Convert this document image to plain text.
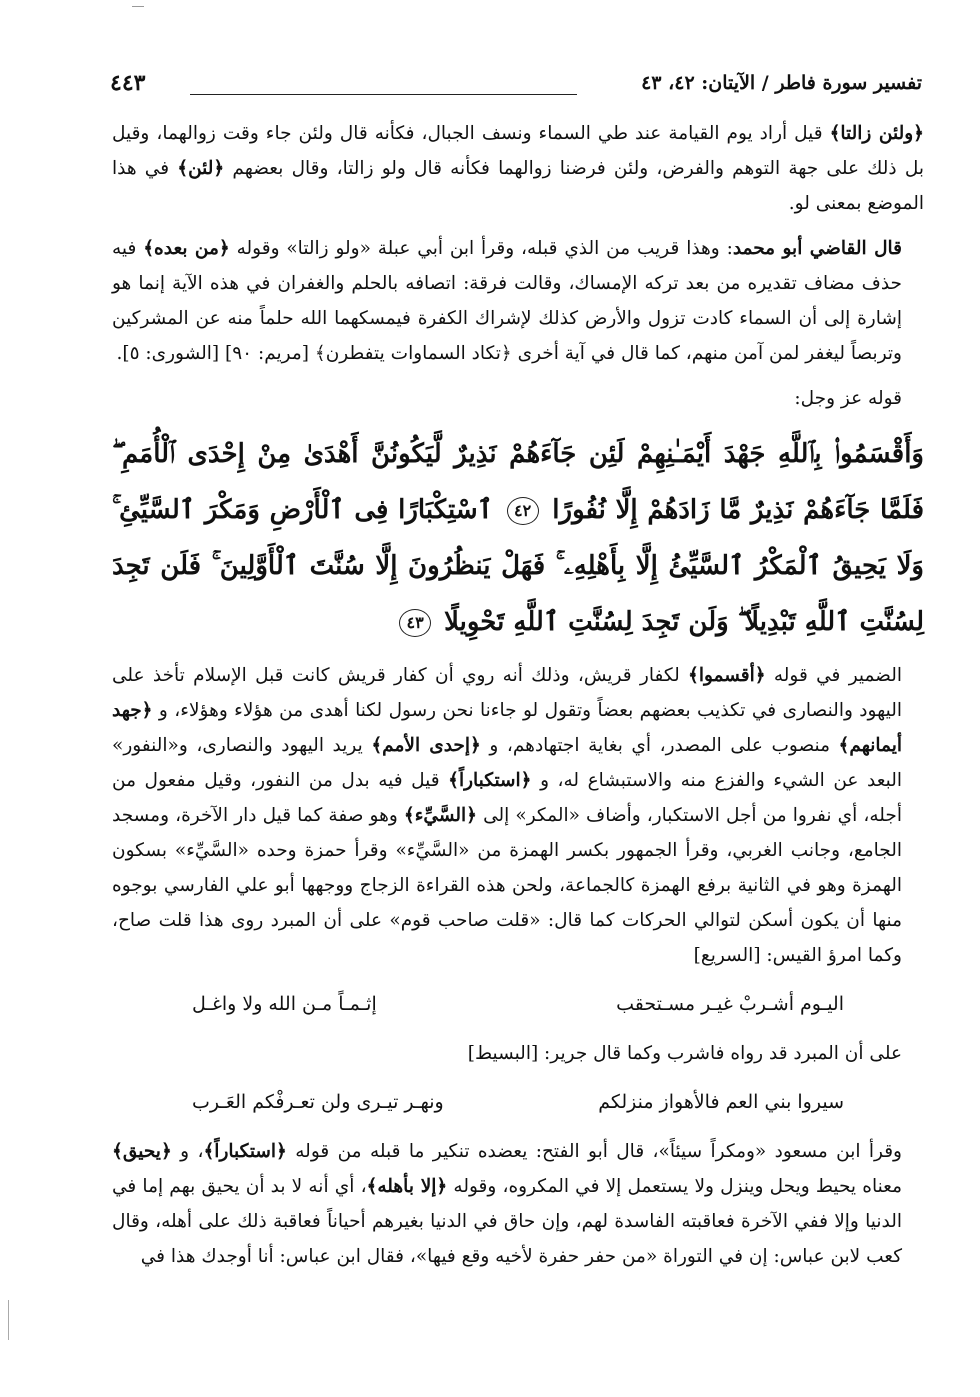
تفسير سورة فاطر / الآيتان: ٤٢، ٤٣
٤٤٣

﴿ولئن زالتا﴾ قيل أراد يوم القيامة عند طي السماء ونسف الجبال، فكأنه قال ولئن جاء وقت زوالهما، وقيل بل ذلك على جهة التوهم والفرض، ولئن فرضنا زوالهما فكأنه قال ولو زالتا، وقال بعضهم ﴿لئن﴾ في هذا الموضع بمعنى لو.

قال القاضي أبو محمد: وهذا قريب من الذي قبله، وقرأ ابن أبي عبلة «ولو زالتا» وقوله ﴿من بعده﴾ فيه حذف مضاف تقديره من بعد تركه الإمساك، وقالت فرقة: اتصافه بالحلم والغفران في هذه الآية إنما هو إشارة إلى أن السماء كادت تزول والأرض كذلك لإشراك الكفرة فيمسكهما الله حلماً منه عن المشركين وتربصاً ليغفر لمن آمن منهم، كما قال في آية أخرى ﴿تكاد السماوات يتفطرن﴾ [مريم: ٩٠] [الشورى: ٥].

قوله عز وجل:

وَأَقْسَمُوا۟ بِٱللَّهِ جَهْدَ أَيْمَـٰنِهِمْ لَئِن جَآءَهُمْ نَذِيرٌ لَّيَكُونُنَّ أَهْدَىٰ مِنْ إِحْدَى ٱلْأُمَمِ ۖ فَلَمَّا جَآءَهُمْ نَذِيرٌ مَّا زَادَهُمْ إِلَّا نُفُورًا ٤٢ ٱسْتِكْبَارًا فِى ٱلْأَرْضِ وَمَكْرَ ٱلسَّيِّئِ ۚ وَلَا يَحِيقُ ٱلْمَكْرُ ٱلسَّيِّئُ إِلَّا بِأَهْلِهِۦ ۚ فَهَلْ يَنظُرُونَ إِلَّا سُنَّتَ ٱلْأَوَّلِينَ ۚ فَلَن تَجِدَ لِسُنَّتِ ٱللَّهِ تَبْدِيلًا ۖ وَلَن تَجِدَ لِسُنَّتِ ٱللَّهِ تَحْوِيلًا ٤٣

الضمير في قوله ﴿أقسموا﴾ لكفار قريش، وذلك أنه روي أن كفار قريش كانت قبل الإسلام تأخذ على اليهود والنصارى في تكذيب بعضهم بعضاً وتقول لو جاءنا نحن رسول لكنا أهدى من هؤلاء وهؤلاء، و ﴿جهد أيمانهم﴾ منصوب على المصدر، أي بغاية اجتهادهم، و ﴿إحدى الأمم﴾ يريد اليهود والنصارى، و«النفور» البعد عن الشيء والفزع منه والاستبشاع له، و ﴿استكباراً﴾ قيل فيه بدل من النفور، وقيل مفعول من أجله، أي نفروا من أجل الاستكبار، وأضاف «المكر» إلى ﴿السَّيِّء﴾ وهو صفة كما قيل دار الآخرة، ومسجد الجامع، وجانب الغربي، وقرأ الجمهور بكسر الهمزة من «السَّيِّء» وقرأ حمزة وحده «السَّيِّء» بسكون الهمزة وهو في الثانية برفع الهمزة كالجماعة، ولحن هذه القراءة الزجاج ووجهها أبو علي الفارسي بوجوه منها أن يكون أسكن لتوالي الحركات كما قال: «قلت صاحب قوم» على أن المبرد روى هذا قلت صاح، وكما امرؤ القيس: [السريع]

اليـوم أشـربْ غيـر مسـتحقب
إثـمـاً مـن الله ولا واغـل

على أن المبرد قد رواه فاشرب وكما قال جرير: [البسيط]

سيروا بني العم فالأهواز منزلكم
ونهـر تيـرى ولن تعـرفْكم العَـرب

وقرأ ابن مسعود «ومكراً سيئاً»، قال أبو الفتح: يعضده تنكير ما قبله من قوله ﴿استكباراً﴾، و ﴿يحيق﴾ معناه يحيط ويحل وينزل ولا يستعمل إلا في المكروه، وقوله ﴿إلا بأهله﴾، أي أنه لا بد أن يحيق بهم إما في الدنيا وإلا ففي الآخرة فعاقبته الفاسدة لهم، وإن حاق في الدنيا بغيرهم أحياناً فعاقبة ذلك على أهله، وقال كعب لابن عباس: إن في التوراة «من حفر حفرة لأخيه وقع فيها»، فقال ابن عباس: أنا أوجدك هذا في
